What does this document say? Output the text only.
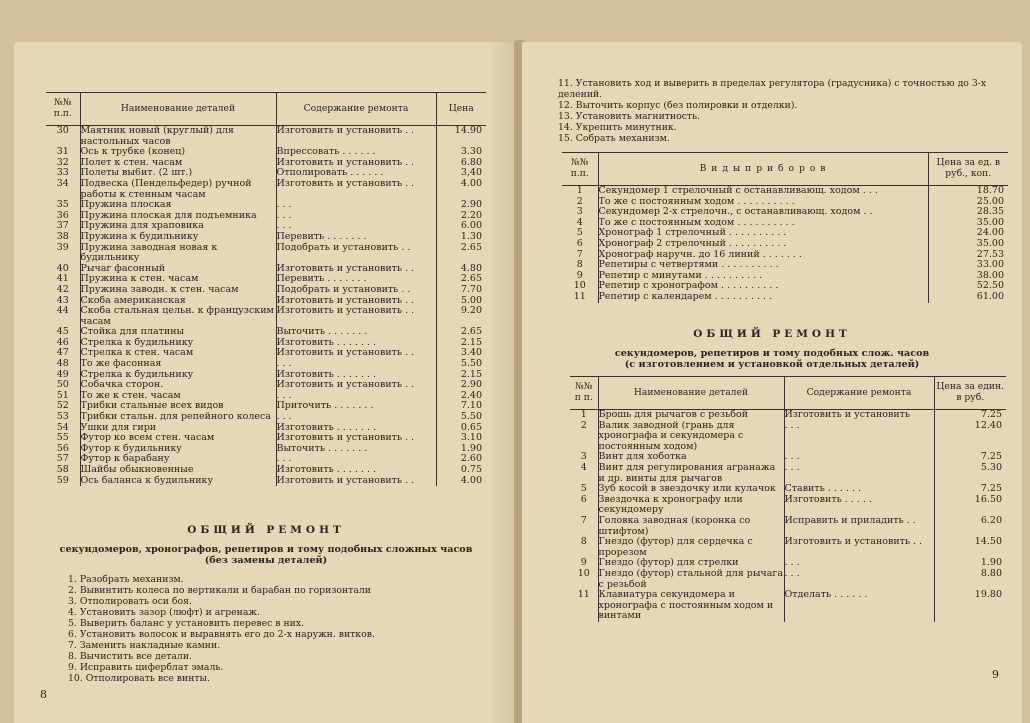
№№ п.п.	Наименование деталей	Содержание ремонта	Цена
30	Маятник новый (круглый) для настольных часов	Изготовить и установить . .	14.90
31	Ось к трубке (конец)	Впрессовать . . . . . .	3.30
32	Полет к стен. часам	Изготовить и установить . .	6.80
33	Полеты вы6ит. (2 шт.)	Отполировать . . . . . .	3,40
34	Подвеска (Пендельфедер) ручной работы к стенным часам	Изготовить и установить . .	4.00
35	Пружина плоская	. . .	2.90
36	Пружина плоская для подъемника	. . .	2.20
37	Пружина для храповика	. . .	6.00
38	Пружина к будильнику	Перевить . . . . . . .	1.30
39	Пружина заводная новая к будильнику	Подобрать и установить . .	2.65
40	Рычаг фасонный	Изготовить и установить . .	4.80
41	Пружина к стен. часам	Перевить . . . . . . .	2.65
42	Пружина заводн. к стен. часам	Подобрать и установить . .	7.70
43	Скоба американская	Изготовить и установить . .	5.00
44	Скоба стальная цельн. к французским часам	Изготовить и установить . .	9.20
45	Стойка для платины	Выточить . . . . . . .	2.65
46	Стрелка к будильнику	Изготовить . . . . . . .	2.15
47	Стрелка к стен. часам	Изготовить и установить . .	3.40
48	То же фасонная	. . .	5.50
49	Стрелка к будильнику	Изготовить . . . . . . .	2.15
50	Собачка сторон.	Изготовить и установить . .	2.90
51	То же к стен. часам	. . .	2.40
52	Трибки стальные всех видов	Приточить . . . . . . .	7.10
53	Трибки стальн. для репейного колеса	. . .	5.50
54	Ушки для гири	Изготовить . . . . . . .	0.65
55	Футор ко всем стен. часам	Изготовить и установить . .	3.10
56	Футор к будильнику	Выточить . . . . . . .	1.90
57	Футор к барабану	. . .	2.60
58	Шайбы обыкновенные	Изготовить . . . . . . .	0.75
59	Ось баланса к будильнику	Изготовить и установить . .	4.00
ОБЩИЙ РЕМОНТ
секундомеров, хронографов, репетиров и тому подобных сложных часов
(без замены деталей)
1. Разобрать механизм.
2. Вывинтить колеса по вертикали и барабан по горизонтали
3. Отполировать оси боя.
4. Установить зазор (люфт) и агренаж.
5. Выверить баланс у установить перевес в них.
6. Установить волосок и выравнять его до 2-х наружн. витков.
7. Заменить накладные камни.
8. Вычистить все детали.
9. Исправить циферблат эмаль.
10. Отполировать все винты.
8
11. Установить ход и выверить в пределах регулятора (градусника) с точностью до 3-х делений.
12. Выточить корпус (без полировки и отделки).
13. Установить магнитность.
14. Укрепить минутник.
15. Собрать механизм.
№№ п.п.	В и д ы п р и б о р о в	Цена за ед. в руб., коп.
1	Секундомер 1 стрелочный с останавливающ. ходом . . .	18.70
2	То же с постоянным ходом . . . . . . . . . .	25.00
3	Секундомер 2-х стрелочн., с останавливающ. ходом . .	28.35
4	То же с постоянным ходом . . . . . . . . . .	35.00
5	Хронограф 1 стрелочный . . . . . . . . . .	24.00
6	Хронограф 2 стрелочный . . . . . . . . . .	35.00
7	Хронограф наручн. до 16 линий . . . . . . .	27.53
8	Репетиры с четвертями . . . . . . . . . .	33.00
9	Репетир с минутами . . . . . . . . . .	38.00
10	Репетир с хронографом . . . . . . . . . .	52.50
11	Репетир с календарем . . . . . . . . . .	61.00
ОБЩИЙ РЕМОНТ
секундомеров, репетиров и тому подобных слож. часов
(с изготовлением и установкой отдельных деталей)
№№ п п.	Наименование деталей	Содержание ремонта	Цена за един. в руб.
1	Брошь для рычагов с резьбой	Изготовить и установить	7.25
2	Валик заводной (грань для хронографа и секундомера с постоянным ходом)	. . .	12.40
3	Винт для хоботка	. . .	7.25
4	Винт для регулирования агранажа и др. винты для рычагов	. . .	5.30
5	Зуб косой в звездочку или кулачок	Ставить . . . . . .	7.25
6	Звездочка к хронографу или секундомеру	Изготовить . . . . .	16.50
7	Головка заводная (коронка со штифтом)	Исправить и приладить . .	6.20
8	Гнездо (футор) для сердечка с прорезом	Изготовить и установить . .	14.50
9	Гнездо (футор) для стрелки	. . .	1.90
10	Гнездо (футор) стальной для рычага с резьбой	. . .	8.80
11	Клавиатура секундомера и хронографа с постоянным ходом и винтами	Отделать . . . . . .	19.80
9
